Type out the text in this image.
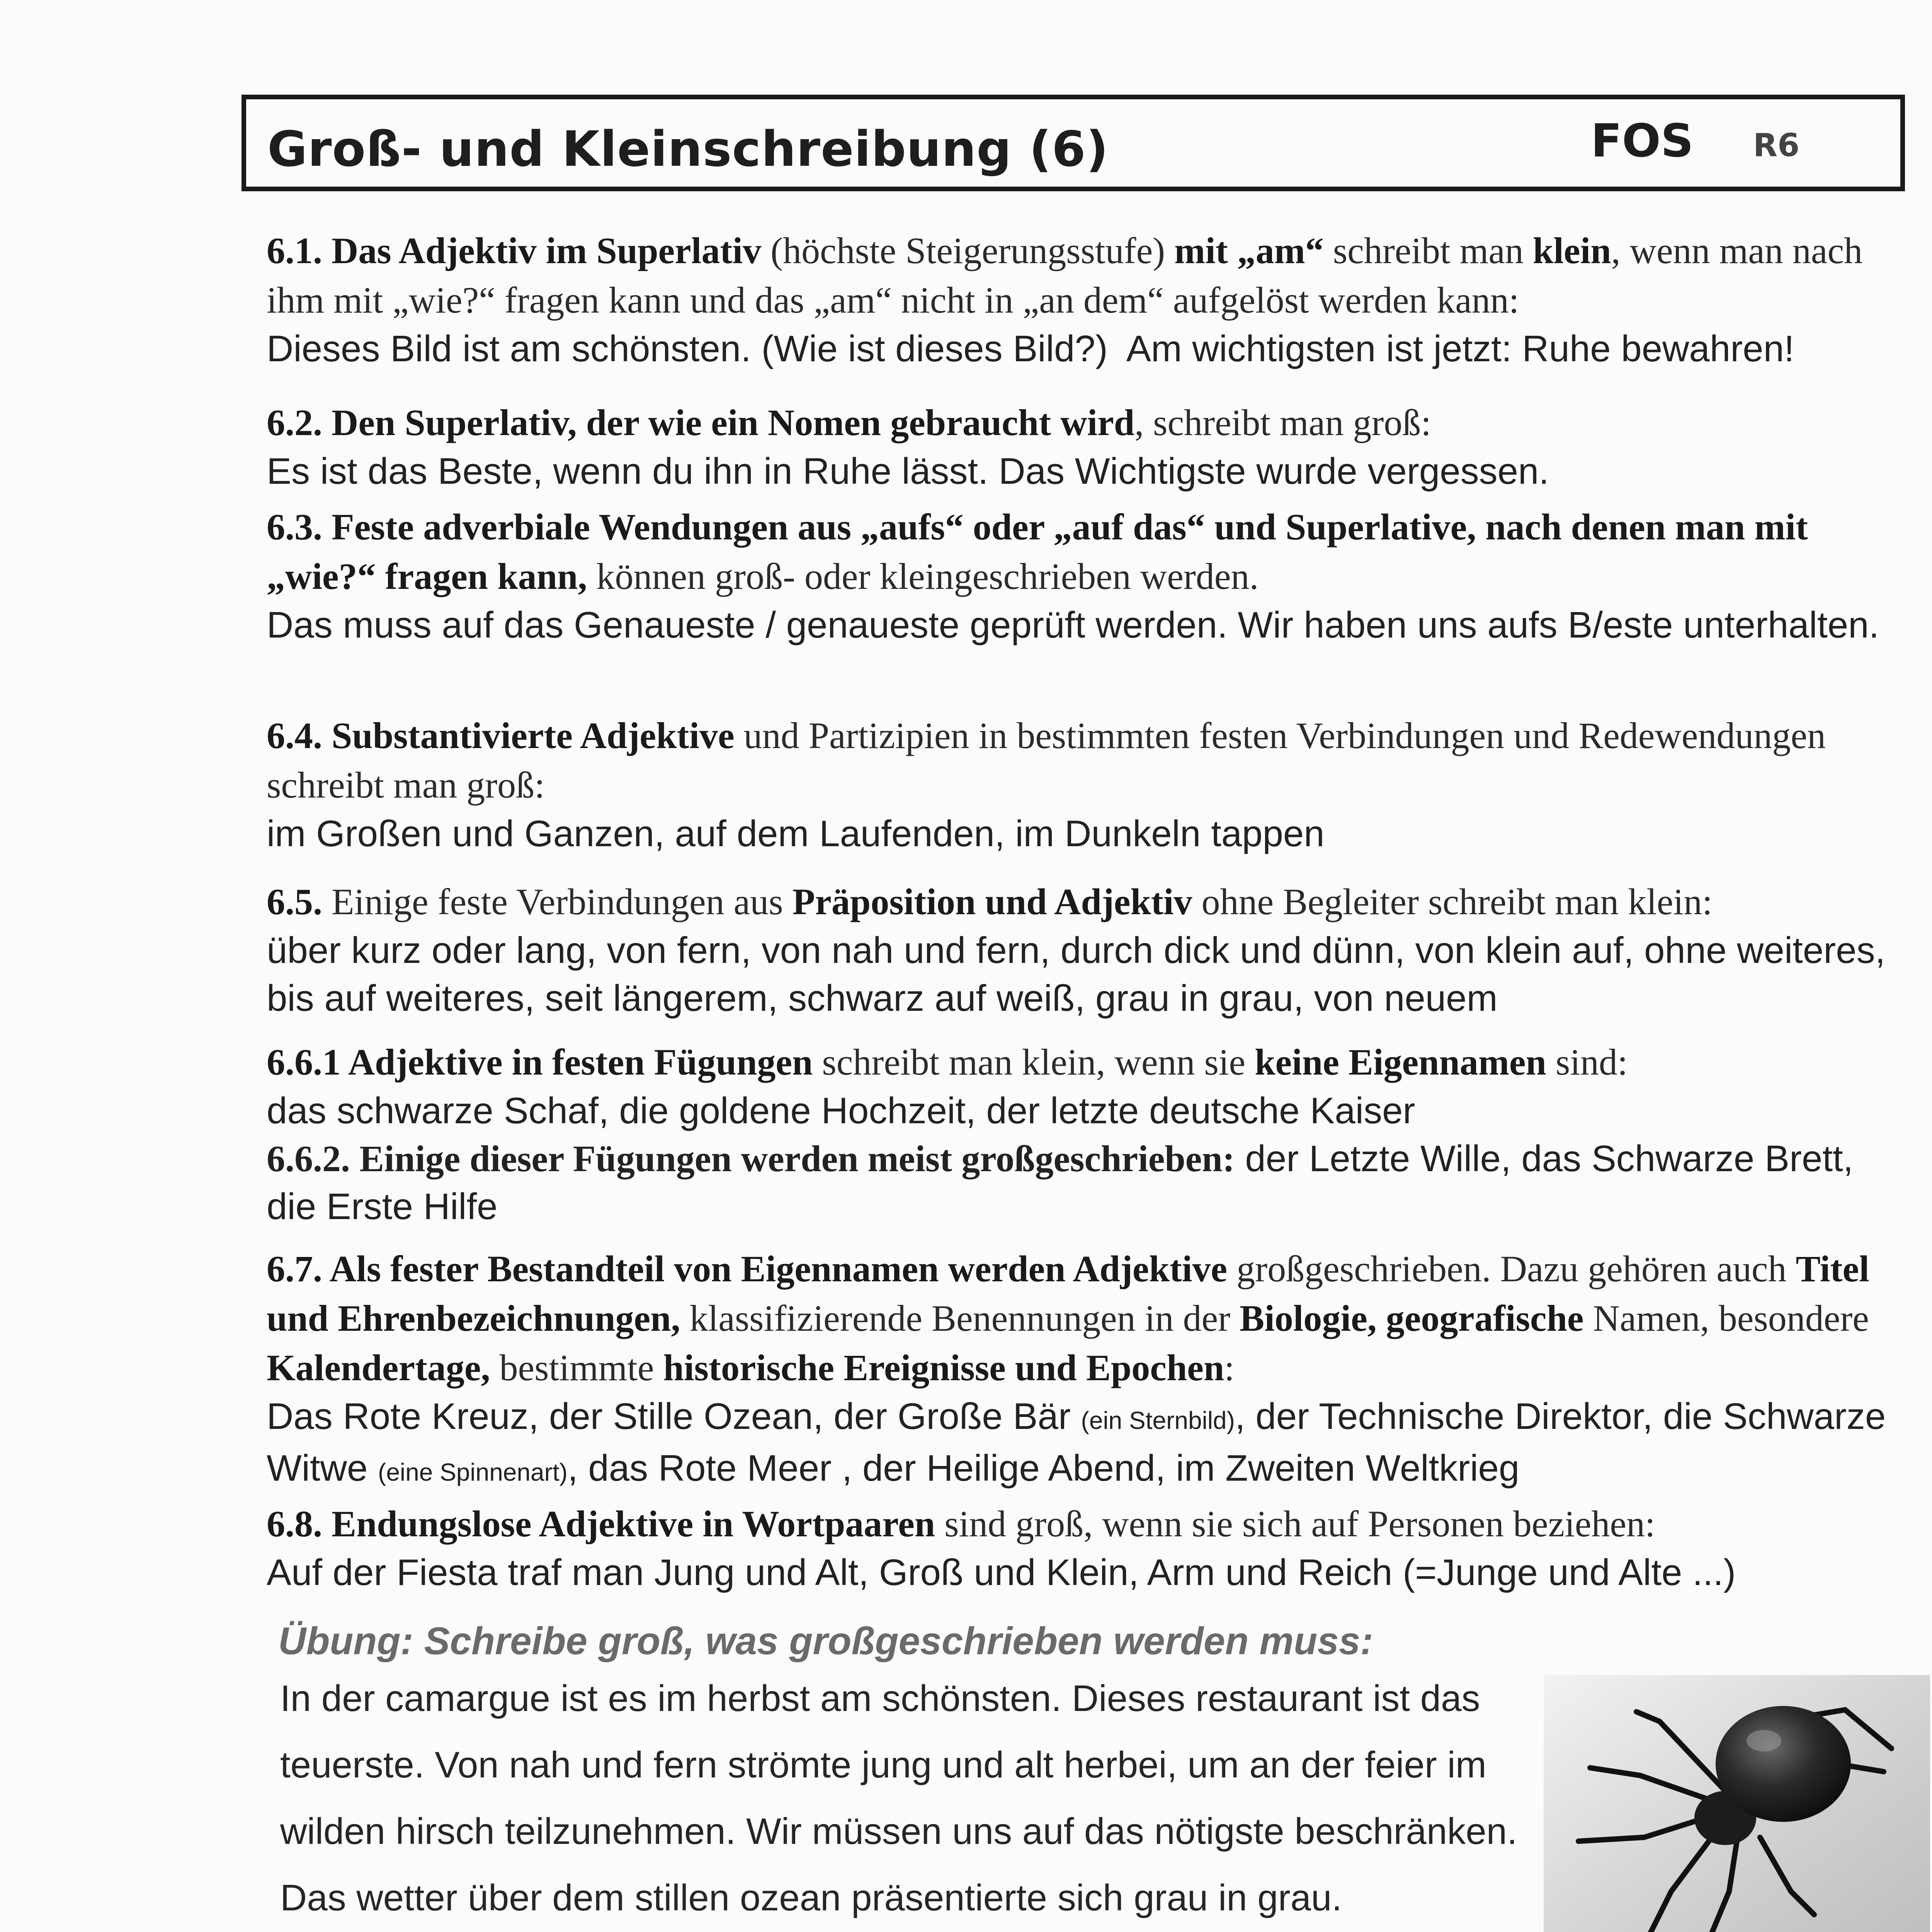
Groß- und Kleinschreibung (6)	FOS R6
6.1. Das Adjektiv im Superlativ (höchste Steigerungsstufe) mit „am“ schreibt man klein, wenn man nach ihm mit „wie?“ fragen kann und das „am“ nicht in „an dem“ aufgelöst werden kann:
Dieses Bild ist am schönsten. (Wie ist dieses Bild?)  Am wichtigsten ist jetzt: Ruhe bewahren!
6.2. Den Superlativ, der wie ein Nomen gebraucht wird, schreibt man groß:
Es ist das Beste, wenn du ihn in Ruhe lässt. Das Wichtigste wurde vergessen.
6.3. Feste adverbiale Wendungen aus „aufs“ oder „auf das“ und Superlative, nach denen man mit „wie?“ fragen kann, können groß- oder kleingeschrieben werden.
Das muss auf das Genaueste / genaueste geprüft werden. Wir haben uns aufs B/este unterhalten.
6.4. Substantivierte Adjektive und Partizipien in bestimmten festen Verbindungen und Redewendungen schreibt man groß:
im Großen und Ganzen, auf dem Laufenden, im Dunkeln tappen
6.5. Einige feste Verbindungen aus Präposition und Adjektiv ohne Begleiter schreibt man klein:
über kurz oder lang, von fern, von nah und fern, durch dick und dünn, von klein auf, ohne weiteres, bis auf weiteres, seit längerem, schwarz auf weiß, grau in grau, von neuem
6.6.1 Adjektive in festen Fügungen schreibt man klein, wenn sie keine Eigennamen sind:
das schwarze Schaf, die goldene Hochzeit, der letzte deutsche Kaiser
6.6.2. Einige dieser Fügungen werden meist großgeschrieben: der Letzte Wille, das Schwarze Brett, die Erste Hilfe
6.7. Als fester Bestandteil von Eigennamen werden Adjektive großgeschrieben. Dazu gehören auch Titel und Ehrenbezeichnungen, klassifizierende Benennungen in der Biologie, geografische Namen, besondere Kalendertage, bestimmte historische Ereignisse und Epochen:
Das Rote Kreuz, der Stille Ozean, der Große Bär (ein Sternbild), der Technische Direktor, die Schwarze Witwe (eine Spinnenart), das Rote Meer , der Heilige Abend, im Zweiten Weltkrieg
6.8. Endungslose Adjektive in Wortpaaren sind groß, wenn sie sich auf Personen beziehen:
Auf der Fiesta traf man Jung und Alt, Groß und Klein, Arm und Reich (=Junge und Alte ...)
Übung: Schreibe groß, was großgeschrieben werden muss:

In der camargue ist es im herbst am schönsten. Dieses restaurant ist das

teuerste. Von nah und fern strömte jung und alt herbei, um an der feier im

wilden hirsch teilzunehmen. Wir müssen uns auf das nötigste beschränken.

Das wetter über dem stillen ozean präsentierte sich grau in grau.
